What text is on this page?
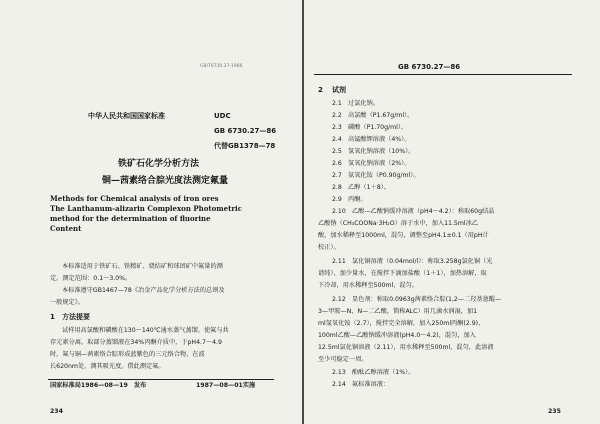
GB/T6730.27-1986
中华人民共和国国家标准	UDC
GB 6730.27—86
代替GB1378—78
铁矿石化学分析方法
铜—茜素络合腙光度法测定氟量
Methods for Chemical analysis of iron ores
The Lanthanum-alizarin Complexon Photometric
method for the determination of fluorine
Content
本标准适用于铁矿石、铁精矿、烧结矿和球团矿中氟量的测
定。测定范围：0.1～3.0%。
本标准遵守GB1467—78《冶金产品化学分析方法的总则及
一般规定》。
1 方法提要
试样用高氯酸和磷酸在130～140℃通水蒸气蒸馏。使氟与共
存元素分离。取部分蒸馏液在34%丙酮介质中，于pH4.7～4.9
时，氟与铜—茜素络合腙形成蓝紫色的三元络合物，在波
长620nm处，测其吸光度。借此测定氟。
国家标准局1986—08—19　发布	1987—08—01实施
234
GB 6730.27—86
2 试剂
2.1　过氯化钠。
2.2　高氯酸（P1.67g/ml）。
2.3　磷酸（P1.70g/ml）。
2.4　高锰酸钾溶液（4%）。
2.5　氢氧化钠溶液（10%）。
2.6　氢氧化钠溶液（2%）。
2.7　氨氧化铵（P0.90g/ml）。
2.8　乙醇（1＋8）。
2.9　丙酮。
2.10　乙酸—乙酸钠缓冲溶液（pH4～4.2）：称取60g结晶
乙酸钠（CH₃COONa·3H₂O）溶于水中，加入11.5ml冰乙
酸，加水稀释至1000ml，混匀，调整至pH4.1±0.1（用pH计
校正）。
2.11　氯化铜溶液（0.04mol/l）：称取3.258g氯化铜（光
谱纯），加少量水，在搅拌下滴加盐酸（1＋1），加热溶解，取
下冷却，用水稀释至500ml，混匀。
2.12　显色剂：称取0.0963g茜素络合腙(1,2—二羟基蒽醌—
3—甲胺—N、N—二乙酸，简称ALC）用几滴水润湿，加1
ml氢氧化铵（2.7），搅拌完全溶解，加入250ml丙酮(2.9)、
100ml乙酸—乙酸钠缓冲溶液(pH4.0～4.2)，混匀，加入
12.5ml氯化铜溶液（2.11），用水稀释至500ml，混匀，此溶液
至少可稳定一周。
2.13　酚酞乙醇溶液（1%）。
2.14　氟标准溶液：
235
